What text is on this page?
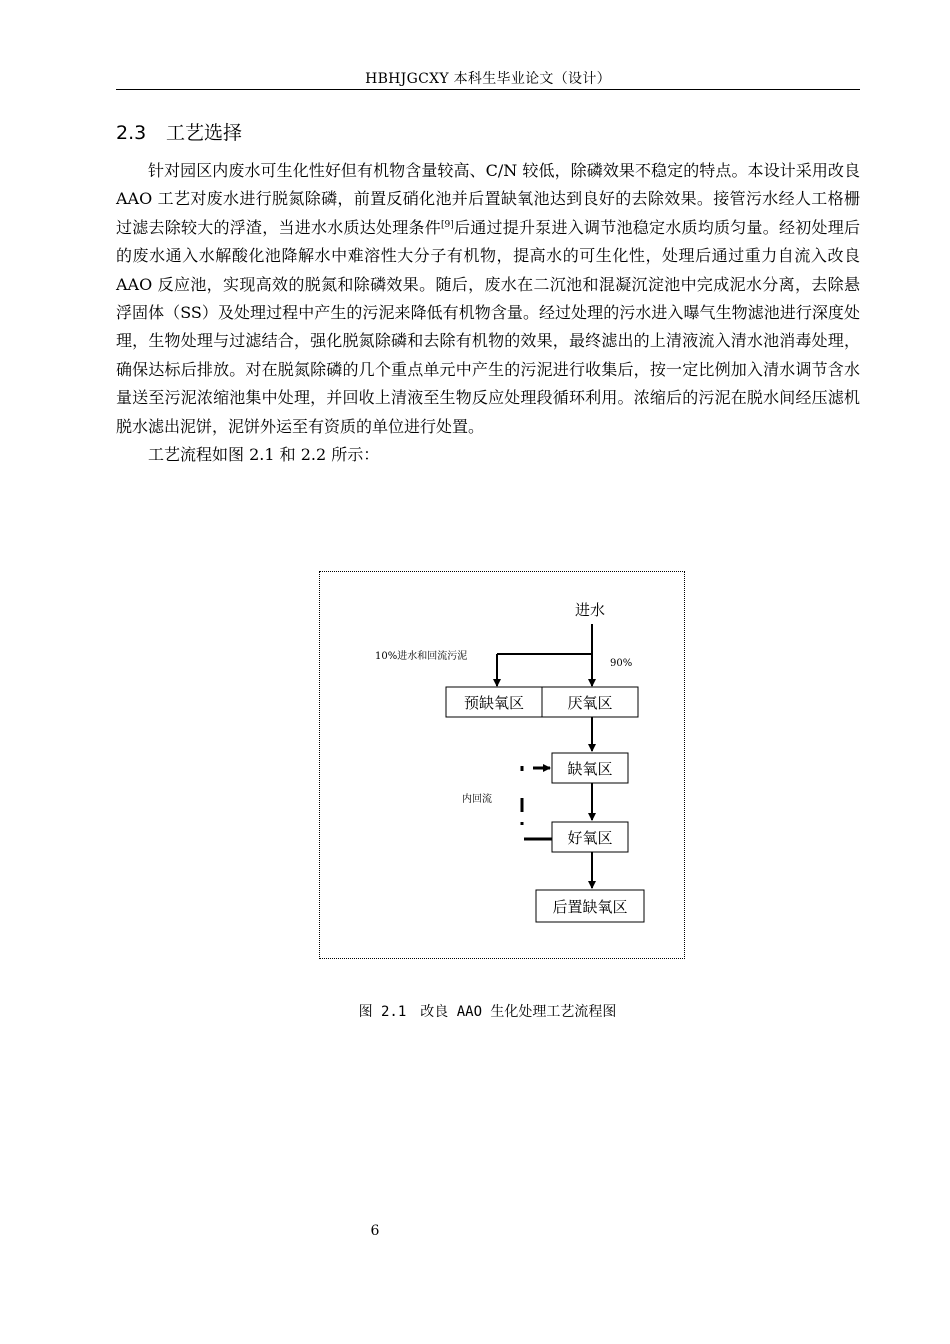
HBHJGCXY 本科生毕业论文（设计）
2.3 工艺选择

针对园区内废水可生化性好但有机物含量较高、C/N 较低，除磷效果不稳定的特点。本设计采用改良 AAO 工艺对废水进行脱氮除磷，前置反硝化池并后置缺氧池达到良好的去除效果。接管污水经人工格栅过滤去除较大的浮渣，当进水水质达处理条件[9]后通过提升泵进入调节池稳定水质均质匀量。经初处理后的废水通入水解酸化池降解水中难溶性大分子有机物，提高水的可生化性，处理后通过重力自流入改良 AAO 反应池，实现高效的脱氮和除磷效果。随后，废水在二沉池和混凝沉淀池中完成泥水分离，去除悬浮固体（SS）及处理过程中产生的污泥来降低有机物含量。经过处理的污水进入曝气生物滤池进行深度处理，生物处理与过滤结合，强化脱氮除磷和去除有机物的效果，最终滤出的上清液流入清水池消毒处理，确保达标后排放。对在脱氮除磷的几个重点单元中产生的污泥进行收集后，按一定比例加入清水调节含水量送至污泥浓缩池集中处理，并回收上清液至生物反应处理段循环利用。浓缩后的污泥在脱水间经压滤机脱水滤出泥饼，泥饼外运至有资质的单位进行处置。

工艺流程如图 2.1 和 2.2 所示：

进水
10%进水和回流污泥
90%
预缺氧区	厌氧区
缺氧区
好氧区
后置缺氧区
内回流
图 2.1　改良 AAO 生化处理工艺流程图
6
